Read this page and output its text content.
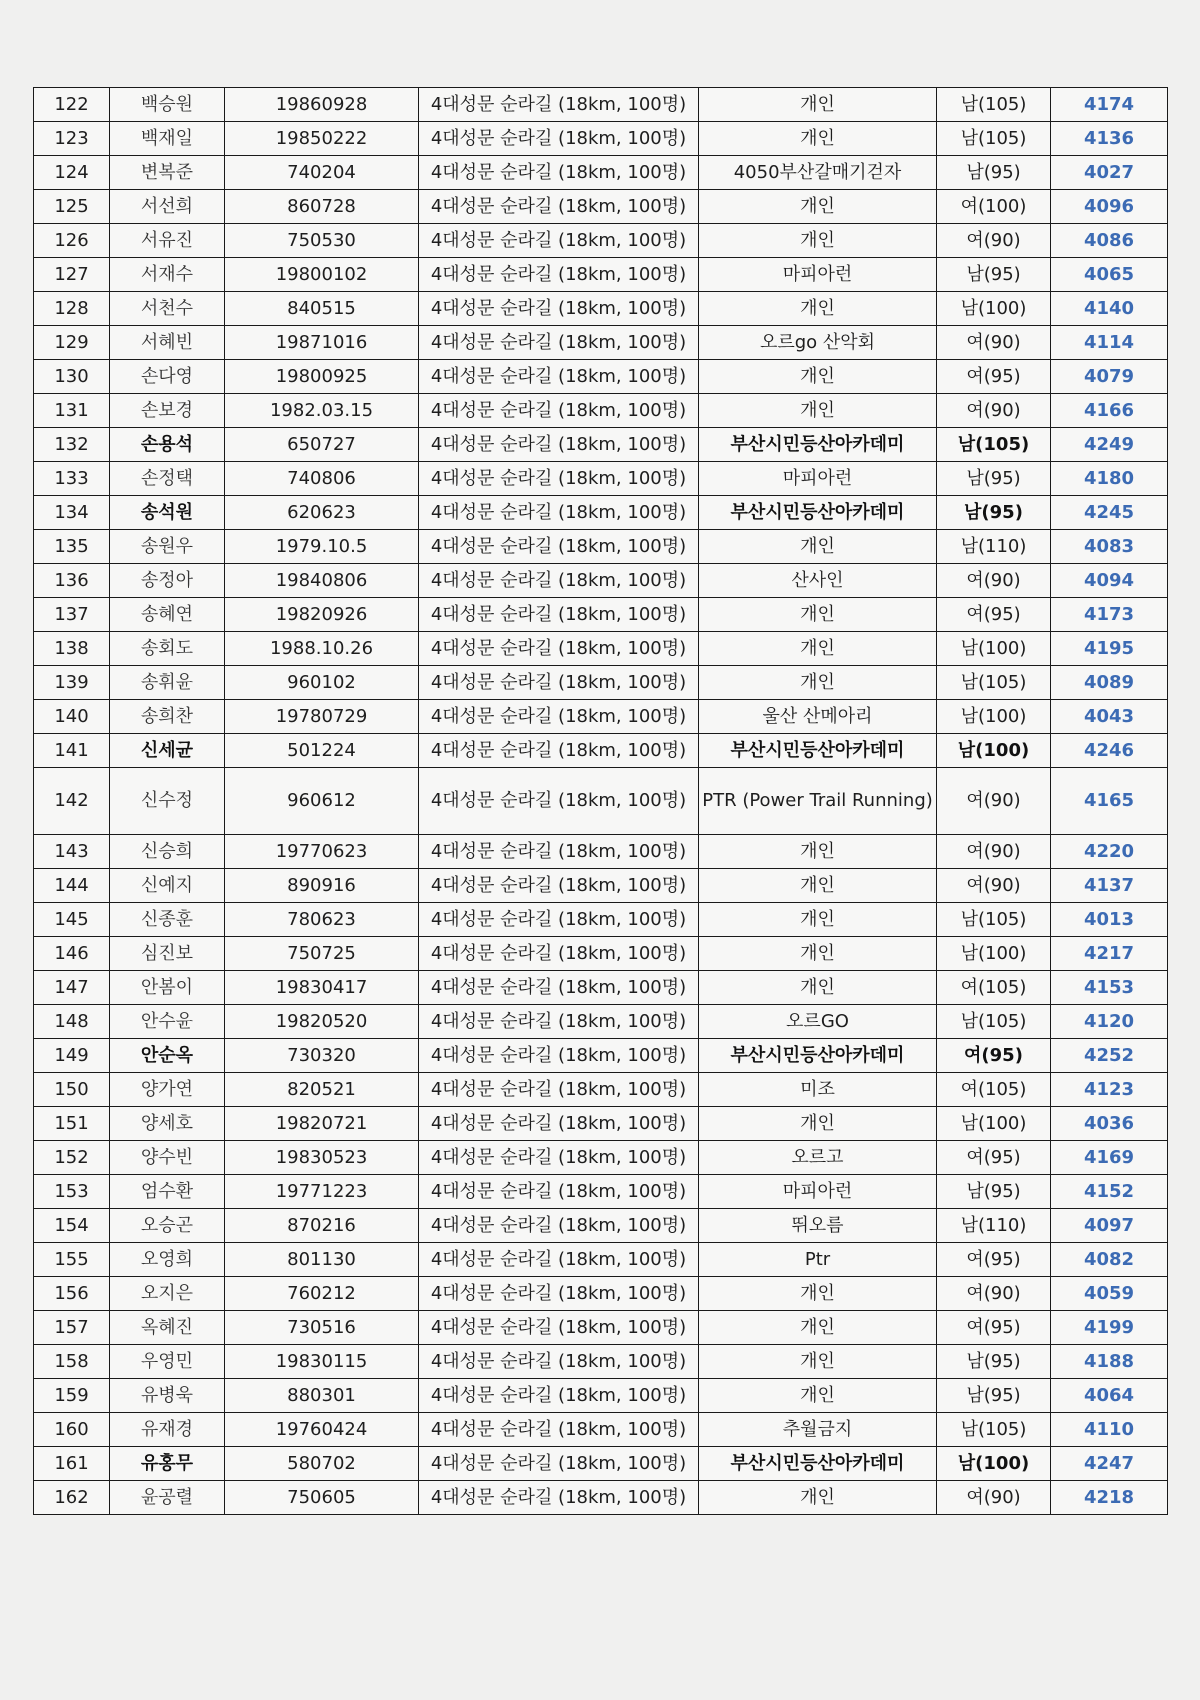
122	백승원	19860928	4대성문 순라길 (18km, 100명)	개인	남(105)	4174
123	백재일	19850222	4대성문 순라길 (18km, 100명)	개인	남(105)	4136
124	변복준	740204	4대성문 순라길 (18km, 100명)	4050부산갈매기걷자	남(95)	4027
125	서선희	860728	4대성문 순라길 (18km, 100명)	개인	여(100)	4096
126	서유진	750530	4대성문 순라길 (18km, 100명)	개인	여(90)	4086
127	서재수	19800102	4대성문 순라길 (18km, 100명)	마피아런	남(95)	4065
128	서천수	840515	4대성문 순라길 (18km, 100명)	개인	남(100)	4140
129	서혜빈	19871016	4대성문 순라길 (18km, 100명)	오르go 산악회	여(90)	4114
130	손다영	19800925	4대성문 순라길 (18km, 100명)	개인	여(95)	4079
131	손보경	1982.03.15	4대성문 순라길 (18km, 100명)	개인	여(90)	4166
132	손용석	650727	4대성문 순라길 (18km, 100명)	부산시민등산아카데미	남(105)	4249
133	손정택	740806	4대성문 순라길 (18km, 100명)	마피아런	남(95)	4180
134	송석원	620623	4대성문 순라길 (18km, 100명)	부산시민등산아카데미	남(95)	4245
135	송원우	1979.10.5	4대성문 순라길 (18km, 100명)	개인	남(110)	4083
136	송정아	19840806	4대성문 순라길 (18km, 100명)	산사인	여(90)	4094
137	송혜연	19820926	4대성문 순라길 (18km, 100명)	개인	여(95)	4173
138	송회도	1988.10.26	4대성문 순라길 (18km, 100명)	개인	남(100)	4195
139	송휘윤	960102	4대성문 순라길 (18km, 100명)	개인	남(105)	4089
140	송희찬	19780729	4대성문 순라길 (18km, 100명)	울산 산메아리	남(100)	4043
141	신세균	501224	4대성문 순라길 (18km, 100명)	부산시민등산아카데미	남(100)	4246
142	신수정	960612	4대성문 순라길 (18km, 100명)	PTR (Power Trail Running)	여(90)	4165
143	신승희	19770623	4대성문 순라길 (18km, 100명)	개인	여(90)	4220
144	신예지	890916	4대성문 순라길 (18km, 100명)	개인	여(90)	4137
145	신종훈	780623	4대성문 순라길 (18km, 100명)	개인	남(105)	4013
146	심진보	750725	4대성문 순라길 (18km, 100명)	개인	남(100)	4217
147	안봄이	19830417	4대성문 순라길 (18km, 100명)	개인	여(105)	4153
148	안수윤	19820520	4대성문 순라길 (18km, 100명)	오르GO	남(105)	4120
149	안순옥	730320	4대성문 순라길 (18km, 100명)	부산시민등산아카데미	여(95)	4252
150	양가연	820521	4대성문 순라길 (18km, 100명)	미조	여(105)	4123
151	양세호	19820721	4대성문 순라길 (18km, 100명)	개인	남(100)	4036
152	양수빈	19830523	4대성문 순라길 (18km, 100명)	오르고	여(95)	4169
153	엄수환	19771223	4대성문 순라길 (18km, 100명)	마피아런	남(95)	4152
154	오승곤	870216	4대성문 순라길 (18km, 100명)	뛰오름	남(110)	4097
155	오영희	801130	4대성문 순라길 (18km, 100명)	Ptr	여(95)	4082
156	오지은	760212	4대성문 순라길 (18km, 100명)	개인	여(90)	4059
157	옥혜진	730516	4대성문 순라길 (18km, 100명)	개인	여(95)	4199
158	우영민	19830115	4대성문 순라길 (18km, 100명)	개인	남(95)	4188
159	유병욱	880301	4대성문 순라길 (18km, 100명)	개인	남(95)	4064
160	유재경	19760424	4대성문 순라길 (18km, 100명)	추월금지	남(105)	4110
161	유홍무	580702	4대성문 순라길 (18km, 100명)	부산시민등산아카데미	남(100)	4247
162	윤공렬	750605	4대성문 순라길 (18km, 100명)	개인	여(90)	4218
